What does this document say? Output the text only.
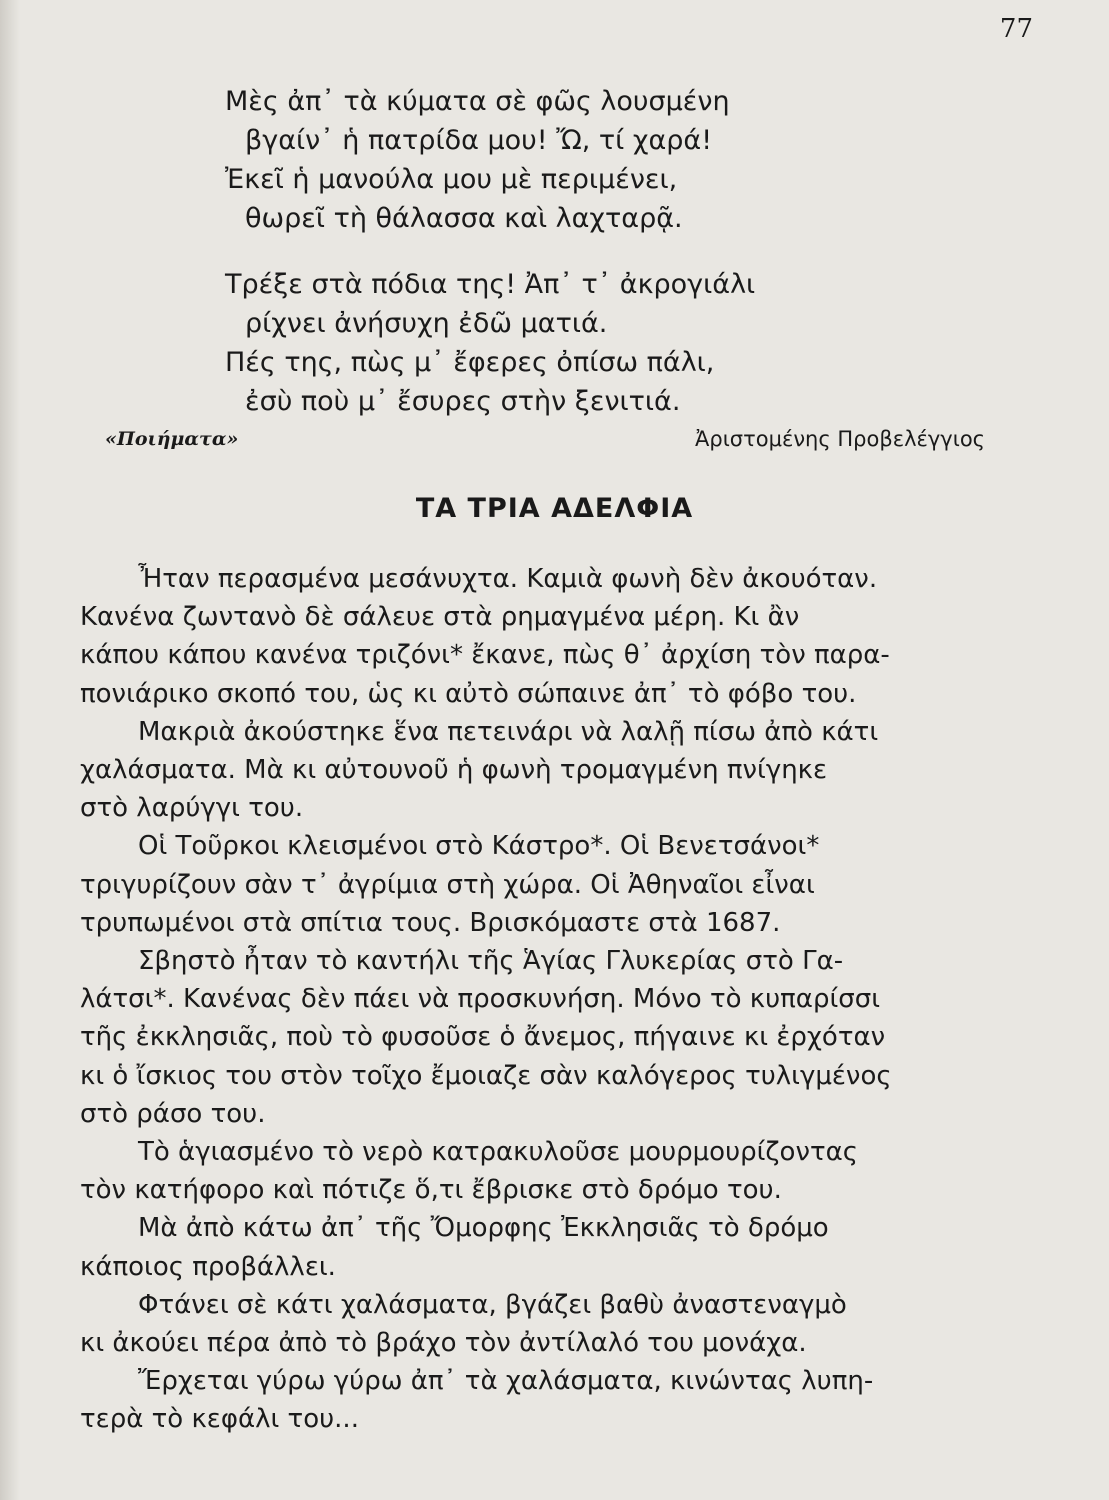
77
Μὲς ἀπ᾽ τὰ κύματα σὲ φῶς λουσμένη
βγαίν᾽ ἡ πατρίδα μου! Ὤ, τί χαρά!
Ἐκεῖ ἡ μανούλα μου μὲ περιμένει,
θωρεῖ τὴ θάλασσα καὶ λαχταρᾷ.
Τρέξε στὰ πόδια της! Ἀπ᾽ τ᾽ ἀκρογιάλι
ρίχνει ἀνήσυχη ἐδῶ ματιά.
Πές της, πὼς μ᾽ ἔφερες ὀπίσω πάλι,
ἐσὺ ποὺ μ᾽ ἔσυρες στὴν ξενιτιά.
«Ποιήματα»	Ἀριστομένης Προβελέγγιος
ΤΑ ΤΡΙΑ ΑΔΕΛΦΙΑ

Ἦταν περασμένα μεσάνυχτα. Καμιὰ φωνὴ δὲν ἀκουόταν.

Κανένα ζωντανὸ δὲ σάλευε στὰ ρημαγμένα μέρη. Κι ἂν

κάπου κάπου κανένα τριζόνι* ἔκανε, πὼς θ᾽ ἀρχίση τὸν παρα-

πονιάρικο σκοπό του, ὡς κι αὐτὸ σώπαινε ἀπ᾽ τὸ φόβο του.

Μακριὰ ἀκούστηκε ἕνα πετεινάρι νὰ λαλῇ πίσω ἀπὸ κάτι

χαλάσματα. Μὰ κι αὐτουνοῦ ἡ φωνὴ τρομαγμένη πνίγηκε

στὸ λαρύγγι του.

Οἱ Τοῦρκοι κλεισμένοι στὸ Κάστρο*. Οἱ Βενετσάνοι*

τριγυρίζουν σὰν τ᾽ ἀγρίμια στὴ χώρα. Οἱ Ἀθηναῖοι εἶναι

τρυπωμένοι στὰ σπίτια τους. Βρισκόμαστε στὰ 1687.

Σβηστὸ ἦταν τὸ καντήλι τῆς Ἁγίας Γλυκερίας στὸ Γα-

λάτσι*. Κανένας δὲν πάει νὰ προσκυνήση. Μόνο τὸ κυπαρίσσι

τῆς ἐκκλησιᾶς, ποὺ τὸ φυσοῦσε ὁ ἄνεμος, πήγαινε κι ἐρχόταν

κι ὁ ἴσκιος του στὸν τοῖχο ἔμοιαζε σὰν καλόγερος τυλιγμένος

στὸ ράσο του.

Τὸ ἁγιασμένο τὸ νερὸ κατρακυλοῦσε μουρμουρίζοντας

τὸν κατήφορο καὶ πότιζε ὅ,τι ἔβρισκε στὸ δρόμο του.

Μὰ ἀπὸ κάτω ἀπ᾽ τῆς Ὄμορφης Ἐκκλησιᾶς τὸ δρόμο

κάποιος προβάλλει.

Φτάνει σὲ κάτι χαλάσματα, βγάζει βαθὺ ἀναστεναγμὸ

κι ἀκούει πέρα ἀπὸ τὸ βράχο τὸν ἀντίλαλό του μονάχα.

Ἔρχεται γύρω γύρω ἀπ᾽ τὰ χαλάσματα, κινώντας λυπη-

τερὰ τὸ κεφάλι του...
